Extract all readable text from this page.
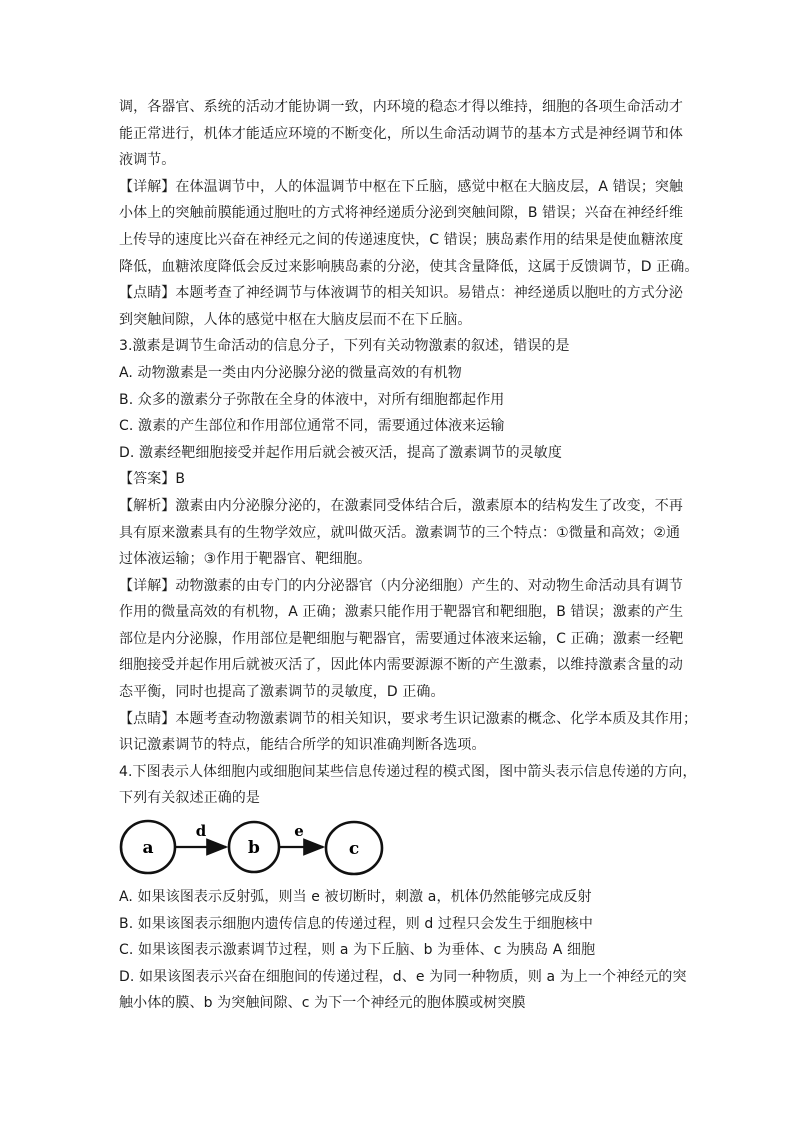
调，各器官、系统的活动才能协调一致，内环境的稳态才得以维持，细胞的各项生命活动才
能正常进行，机体才能适应环境的不断变化，所以生命活动调节的基本方式是神经调节和体
液调节。
【详解】在体温调节中，人的体温调节中枢在下丘脑，感觉中枢在大脑皮层，A 错误；突触
小体上的突触前膜能通过胞吐的方式将神经递质分泌到突触间隙，B 错误；兴奋在神经纤维
上传导的速度比兴奋在神经元之间的传递速度快，C 错误；胰岛素作用的结果是使血糖浓度
降低，血糖浓度降低会反过来影响胰岛素的分泌，使其含量降低，这属于反馈调节，D 正确。
【点睛】本题考查了神经调节与体液调节的相关知识。易错点：神经递质以胞吐的方式分泌
到突触间隙，人体的感觉中枢在大脑皮层而不在下丘脑。
3.激素是调节生命活动的信息分子，下列有关动物激素的叙述，错误的是
A. 动物激素是一类由内分泌腺分泌的微量高效的有机物
B. 众多的激素分子弥散在全身的体液中，对所有细胞都起作用
C. 激素的产生部位和作用部位通常不同，需要通过体液来运输
D. 激素经靶细胞接受并起作用后就会被灭活，提高了激素调节的灵敏度
【答案】B
【解析】激素由内分泌腺分泌的，在激素同受体结合后，激素原本的结构发生了改变，不再
具有原来激素具有的生物学效应，就叫做灭活。激素调节的三个特点：①微量和高效；②通
过体液运输；③作用于靶器官、靶细胞。
【详解】动物激素的由专门的内分泌器官（内分泌细胞）产生的、对动物生命活动具有调节
作用的微量高效的有机物，A 正确；激素只能作用于靶器官和靶细胞，B 错误；激素的产生
部位是内分泌腺，作用部位是靶细胞与靶器官，需要通过体液来运输，C 正确；激素一经靶
细胞接受并起作用后就被灭活了，因此体内需要源源不断的产生激素，以维持激素含量的动
态平衡，同时也提高了激素调节的灵敏度，D 正确。
【点睛】本题考查动物激素调节的相关知识，要求考生识记激素的概念、化学本质及其作用；
识记激素调节的特点，能结合所学的知识准确判断各选项。
4.下图表示人体细胞内或细胞间某些信息传递过程的模式图，图中箭头表示信息传递的方向，
下列有关叙述正确的是
a	b	c
d	e
A. 如果该图表示反射弧，则当 e 被切断时，刺激 a，机体仍然能够完成反射
B. 如果该图表示细胞内遗传信息的传递过程，则 d 过程只会发生于细胞核中
C. 如果该图表示激素调节过程，则 a 为下丘脑、b 为垂体、c 为胰岛 A 细胞
D. 如果该图表示兴奋在细胞间的传递过程，d、e 为同一种物质，则 a 为上一个神经元的突
触小体的膜、b 为突触间隙、c 为下一个神经元的胞体膜或树突膜
